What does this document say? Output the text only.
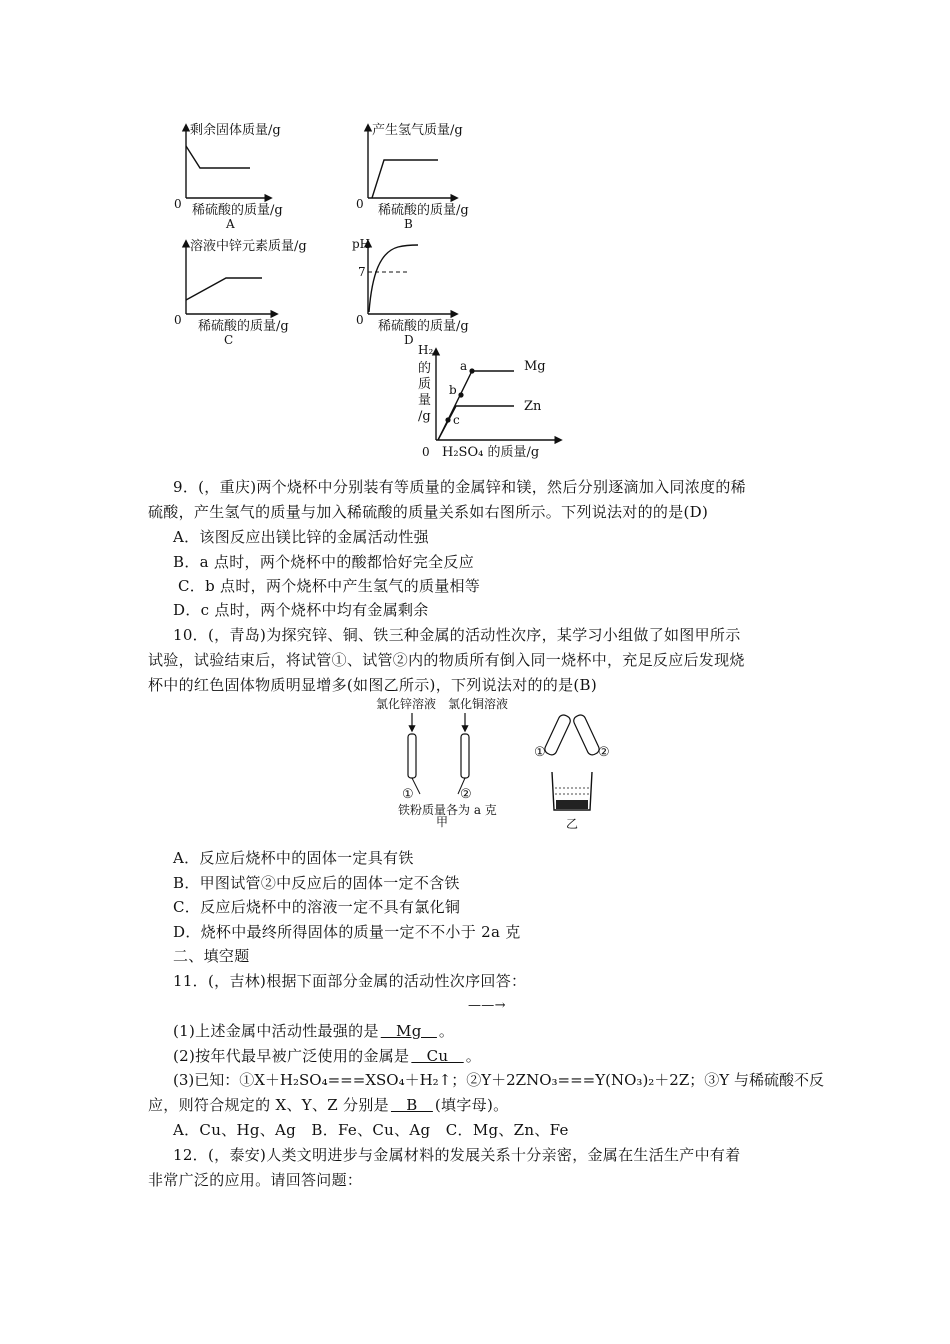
剩余固体质量/g
0 稀硫酸的质量/g
A
产生氢气质量/g
0 稀硫酸的质量/g
B
溶液中锌元素质量/g
0 稀硫酸的质量/g
C
pH
7
0 稀硫酸的质量/g
D
H₂
的
质
量
/g
a
b
c
Mg
Zn
0 H₂SO₄ 的质量/g
9．(，重庆)两个烧杯中分别装有等质量的金属锌和镁，然后分别逐滴加入同浓度的稀
硫酸，产生氢气的质量与加入稀硫酸的质量关系如右图所示。下列说法对的的是(D)
A．该图反应出镁比锌的金属活动性强
B．a 点时，两个烧杯中的酸都恰好完全反应
C．b 点时，两个烧杯中产生氢气的质量相等
D．c 点时，两个烧杯中均有金属剩余
10．(，青岛)为探究锌、铜、铁三种金属的活动性次序，某学习小组做了如图甲所示
试验，试验结束后，将试管①、试管②内的物质所有倒入同一烧杯中，充足反应后发现烧
杯中的红色固体物质明显增多(如图乙所示)，下列说法对的的是(B)
氯化锌溶液 氯化铜溶液
①	②
铁粉质量各为 a 克
甲
①	②
乙
A．反应后烧杯中的固体一定具有铁
B．甲图试管②中反应后的固体一定不含铁
C．反应后烧杯中的溶液一定不具有氯化铜
D．烧杯中最终所得固体的质量一定不不小于 2a 克
二、填空题
11．(，吉林)根据下面部分金属的活动性次序回答：
——→
(1)上述金属中活动性最强的是　Mg　。
(2)按年代最早被广泛使用的金属是　Cu　。
(3)已知：①X＋H₂SO₄===XSO₄＋H₂↑；②Y＋2ZNO₃===Y(NO₃)₂＋2Z；③Y 与稀硫酸不反
应，则符合规定的 X、Y、Z 分别是　B　(填字母)。
A．Cu、Hg、Ag　B．Fe、Cu、Ag　C．Mg、Zn、Fe
12．(，泰安)人类文明进步与金属材料的发展关系十分亲密，金属在生活生产中有着
非常广泛的应用。请回答问题：
